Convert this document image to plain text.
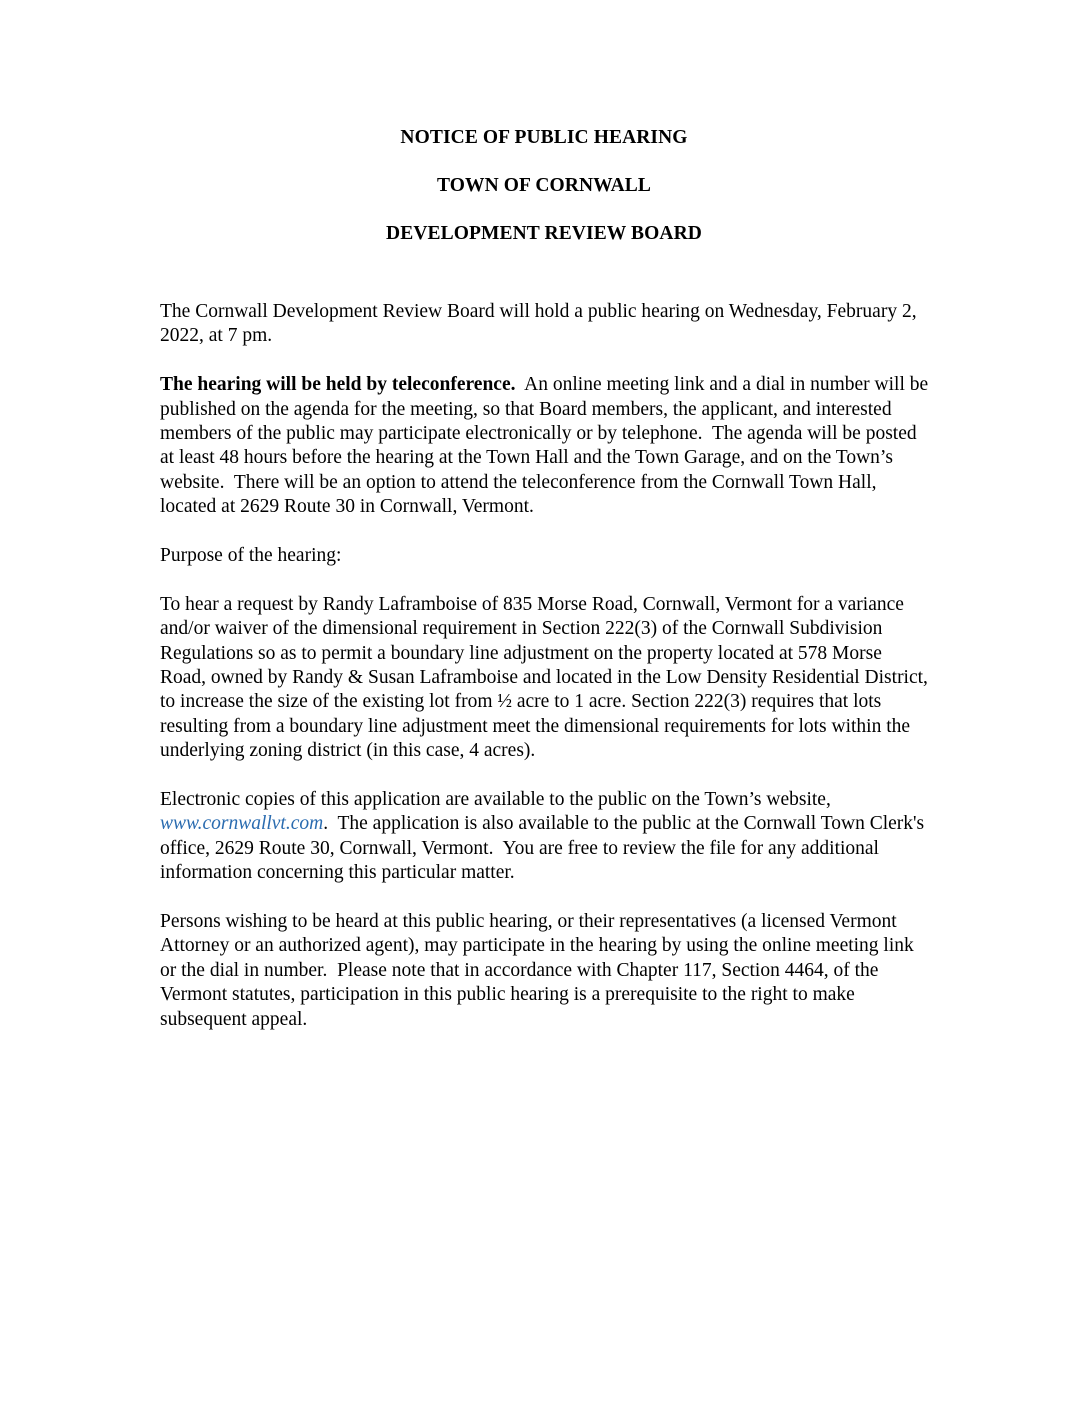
NOTICE OF PUBLIC HEARING
TOWN OF CORNWALL
DEVELOPMENT REVIEW BOARD

The Cornwall Development Review Board will hold a public hearing on Wednesday, February 2, 2022, at 7 pm.

The hearing will be held by teleconference.  An online meeting link and a dial in number will be published on the agenda for the meeting, so that Board members, the applicant, and interested members of the public may participate electronically or by telephone.  The agenda will be posted at least 48 hours before the hearing at the Town Hall and the Town Garage, and on the Town’s website.  There will be an option to attend the teleconference from the Cornwall Town Hall, located at 2629 Route 30 in Cornwall, Vermont.

Purpose of the hearing:

To hear a request by Randy Laframboise of 835 Morse Road, Cornwall, Vermont for a variance and/or waiver of the dimensional requirement in Section 222(3) of the Cornwall Subdivision Regulations so as to permit a boundary line adjustment on the property located at 578 Morse Road, owned by Randy & Susan Laframboise and located in the Low Density Residential District, to increase the size of the existing lot from ½ acre to 1 acre. Section 222(3) requires that lots resulting from a boundary line adjustment meet the dimensional requirements for lots within the underlying zoning district (in this case, 4 acres).

Electronic copies of this application are available to the public on the Town’s website, www.cornwallvt.com.  The application is also available to the public at the Cornwall Town Clerk's office, 2629 Route 30, Cornwall, Vermont.  You are free to review the file for any additional information concerning this particular matter.

Persons wishing to be heard at this public hearing, or their representatives (a licensed Vermont Attorney or an authorized agent), may participate in the hearing by using the online meeting link or the dial in number.  Please note that in accordance with Chapter 117, Section 4464, of the Vermont statutes, participation in this public hearing is a prerequisite to the right to make subsequent appeal.
